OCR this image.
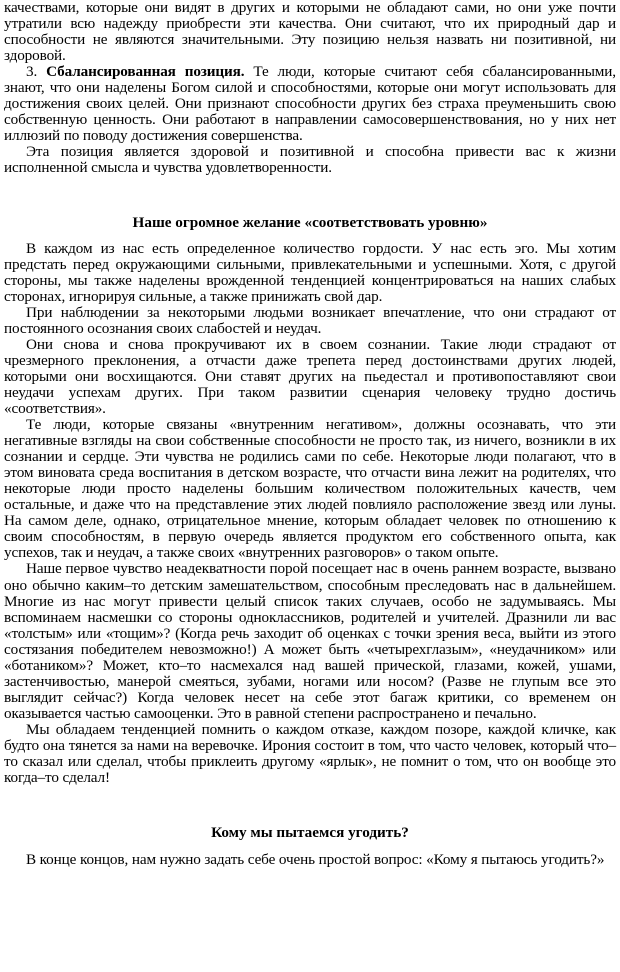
качествами, которые они видят в других и которыми не обладают сами, но они уже почти утратили всю надежду приобрести эти качества. Они считают, что их природный дар и способности не являются значительными. Эту позицию нельзя назвать ни позитивной, ни здоровой.

3. Сбалансированная позиция. Те люди, которые считают себя сбалансированными, знают, что они наделены Богом силой и способностями, которые они могут использовать для достижения своих целей. Они признают способности других без страха преуменьшить свою собственную ценность. Они работают в направлении самосовершенствования, но у них нет иллюзий по поводу достижения совершенства.

Эта позиция является здоровой и позитивной и способна привести вас к жизни исполненной смысла и чувства удовлетворенности.

Наше огромное желание «соответствовать уровню»

В каждом из нас есть определенное количество гордости. У нас есть эго. Мы хотим предстать перед окружающими сильными, привлекательными и успешными. Хотя, с другой стороны, мы также наделены врожденной тенденцией концентрироваться на наших слабых сторонах, игнорируя сильные, а также принижать свой дар.

При наблюдении за некоторыми людьми возникает впечатление, что они страдают от постоянного осознания своих слабостей и неудач.

Они снова и снова прокручивают их в своем сознании. Такие люди страдают от чрезмерного преклонения, а отчасти даже трепета перед достоинствами других людей, которыми они восхищаются. Они ставят других на пьедестал и противопоставляют свои неудачи успехам других. При таком развитии сценария человеку трудно достичь «соответствия».

Те люди, которые связаны «внутренним негативом», должны осознавать, что эти негативные взгляды на свои собственные способности не просто так, из ничего, возникли в их сознании и сердце. Эти чувства не родились сами по себе. Некоторые люди полагают, что в этом виновата среда воспитания в детском возрасте, что отчасти вина лежит на родителях, что некоторые люди просто наделены большим количеством положительных качеств, чем остальные, и даже что на представление этих людей повлияло расположение звезд или луны. На самом деле, однако, отрицательное мнение, которым обладает человек по отношению к своим способностям, в первую очередь является продуктом его собственного опыта, как успехов, так и неудач, а также своих «внутренних разговоров» о таком опыте.

Наше первое чувство неадекватности порой посещает нас в очень раннем возрасте, вызвано оно обычно каким–то детским замешательством, способным преследовать нас в дальнейшем. Многие из нас могут привести целый список таких случаев, особо не задумываясь. Мы вспоминаем насмешки со стороны одноклассников, родителей и учителей. Дразнили ли вас «толстым» или «тощим»? (Когда речь заходит об оценках с точки зрения веса, выйти из этого состязания победителем невозможно!) А может быть «четырехглазым», «неудачником» или «ботаником»? Может, кто–то насмехался над вашей прической, глазами, кожей, ушами, застенчивостью, манерой смеяться, зубами, ногами или носом? (Разве не глупым все это выглядит сейчас?) Когда человек несет на себе этот багаж критики, со временем он оказывается частью самооценки. Это в равной степени распространено и печально.

Мы обладаем тенденцией помнить о каждом отказе, каждом позоре, каждой кличке, как будто она тянется за нами на веревочке. Ирония состоит в том, что часто человек, который что–то сказал или сделал, чтобы приклеить другому «ярлык», не помнит о том, что он вообще это когда–то сделал!

Кому мы пытаемся угодить?

В конце концов, нам нужно задать себе очень простой вопрос: «Кому я пытаюсь угодить?»
